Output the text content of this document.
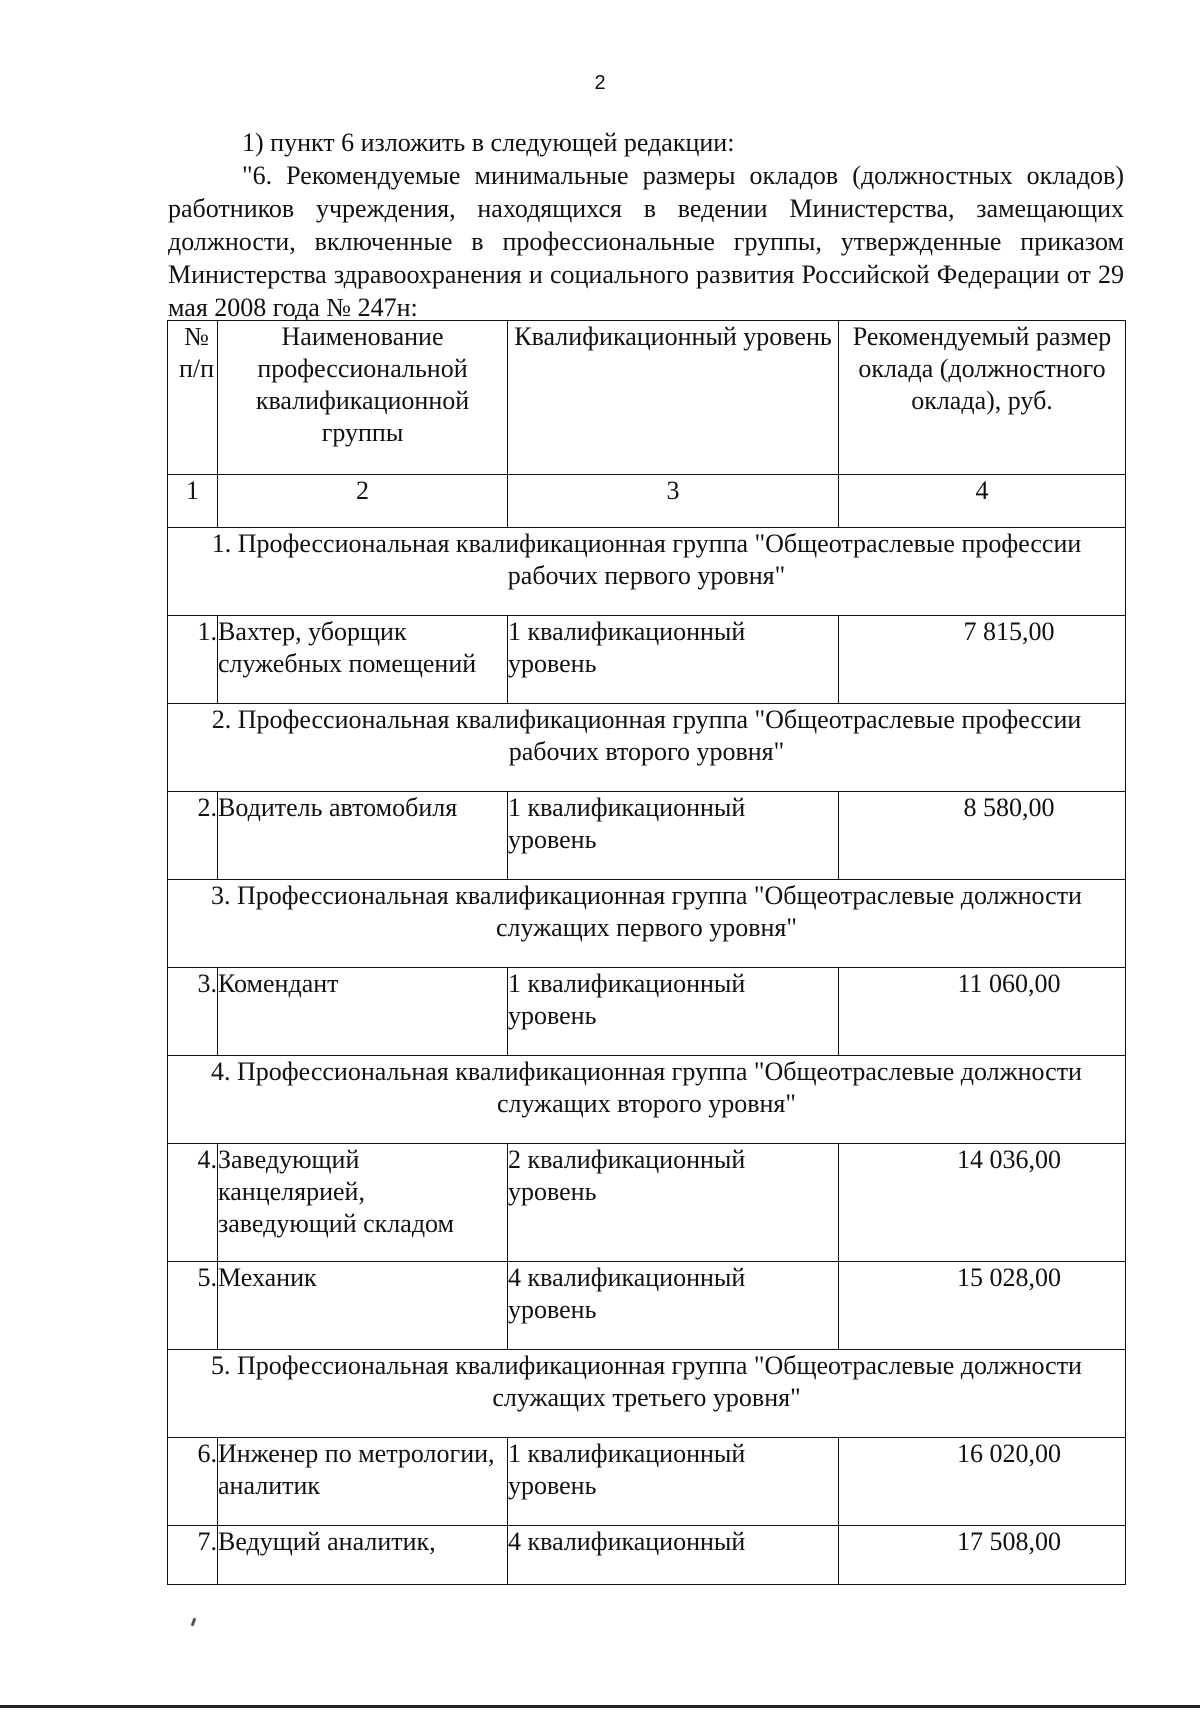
2
1) пункт 6 изложить в следующей редакции:
"6. Рекомендуемые минимальные размеры окладов (должностных окладов) работников учреждения, находящихся в ведении Министерства, замещающих должности, включенные в профессиональные группы, утвержденные приказом Министерства здравоохранения и социального развития Российской Федерации от 29 мая 2008 года № 247н:
№ п/п	Наименование профессиональной квалификационной группы	Квалификационный уровень	Рекомендуемый размер оклада (должностного оклада), руб.
1	2	3	4
1. Профессиональная квалификационная группа "Общеотраслевые профессии рабочих первого уровня"			
1.	Вахтер, уборщик служебных помещений	1 квалификационный уровень	7 815,00
2. Профессиональная квалификационная группа "Общеотраслевые профессии рабочих второго уровня"			
2.	Водитель автомобиля	1 квалификационный уровень	8 580,00
3. Профессиональная квалификационная группа "Общеотраслевые должности служащих первого уровня"			
3.	Комендант	1 квалификационный уровень	11 060,00
4. Профессиональная квалификационная группа "Общеотраслевые должности служащих второго уровня"			
4.	Заведующий канцелярией, заведующий складом	2 квалификационный уровень	14 036,00
5.	Механик	4 квалификационный уровень	15 028,00
5. Профессиональная квалификационная группа "Общеотраслевые должности служащих третьего уровня"			
6.	Инженер по метрологии, аналитик	1 квалификационный уровень	16 020,00
7.	Ведущий аналитик,	4 квалификационный	17 508,00
